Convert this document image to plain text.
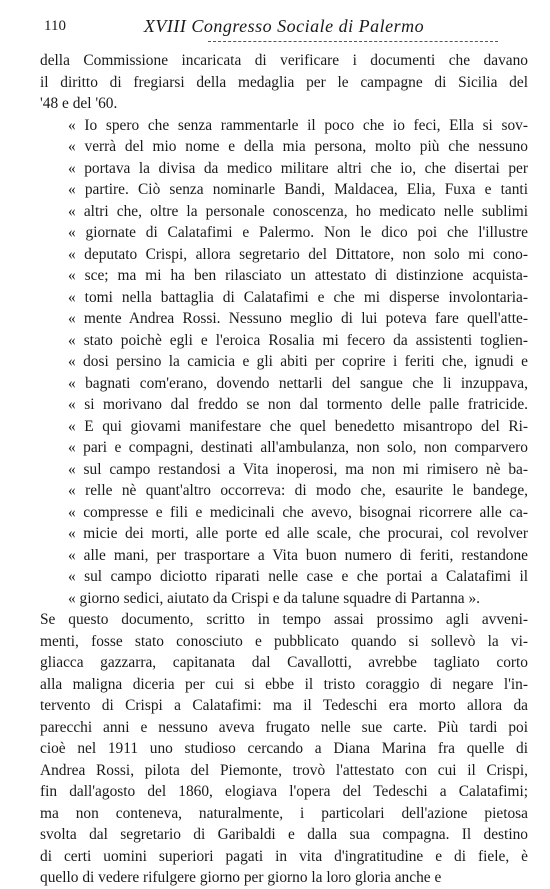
110	XVIII Congresso Sociale di Palermo

della Commissione incaricata di verificare i documenti che davano
il diritto di fregiarsi della medaglia per le campagne di Sicilia del
'48 e del '60.

« Io spero che senza rammentarle il poco che io feci, Ella si sov-
« verrà del mio nome e della mia persona, molto più che nessuno
« portava la divisa da medico militare altri che io, che disertai per
« partire. Ciò senza nominarle Bandi, Maldacea, Elia, Fuxa e tanti
« altri che, oltre la personale conoscenza, ho medicato nelle sublimi
« giornate di Calatafimi e Palermo. Non le dico poi che l'illustre
« deputato Crispi, allora segretario del Dittatore, non solo mi cono-
« sce; ma mi ha ben rilasciato un attestato di distinzione acquista-
« tomi nella battaglia di Calatafimi e che mi disperse involontaria-
« mente Andrea Rossi. Nessuno meglio di lui poteva fare quell'atte-
« stato poichè egli e l'eroica Rosalia mi fecero da assistenti toglien-
« dosi persino la camicia e gli abiti per coprire i feriti che, ignudi e
« bagnati com'erano, dovendo nettarli del sangue che li inzuppava,
« si morivano dal freddo se non dal tormento delle palle fratricide.
« E qui giovami manifestare che quel benedetto misantropo del Ri-
« pari e compagni, destinati all'ambulanza, non solo, non comparvero
« sul campo restandosi a Vita inoperosi, ma non mi rimisero nè ba-
« relle nè quant'altro occorreva: di modo che, esaurite le bandege,
« compresse e fili e medicinali che avevo, bisognai ricorrere alle ca-
« micie dei morti, alle porte ed alle scale, che procurai, col revolver
« alle mani, per trasportare a Vita buon numero di feriti, restandone
« sul campo diciotto riparati nelle case e che portai a Calatafimi il
« giorno sedici, aiutato da Crispi e da talune squadre di Partanna ».

Se questo documento, scritto in tempo assai prossimo agli avveni-
menti, fosse stato conosciuto e pubblicato quando si sollevò la vi-
gliacca gazzarra, capitanata dal Cavallotti, avrebbe tagliato corto
alla maligna diceria per cui si ebbe il tristo coraggio di negare l'in-
tervento di Crispi a Calatafimi: ma il Tedeschi era morto allora da
parecchi anni e nessuno aveva frugato nelle sue carte. Più tardi poi
cioè nel 1911 uno studioso cercando a Diana Marina fra quelle di
Andrea Rossi, pilota del Piemonte, trovò l'attestato con cui il Crispi,
fin dall'agosto del 1860, elogiava l'opera del Tedeschi a Calatafimi;
ma non conteneva, naturalmente, i particolari dell'azione pietosa
svolta dal segretario di Garibaldi e dalla sua compagna. Il destino
di certi uomini superiori pagati in vita d'ingratitudine e di fiele, è
quello di vedere rifulgere giorno per giorno la loro gloria anche e
